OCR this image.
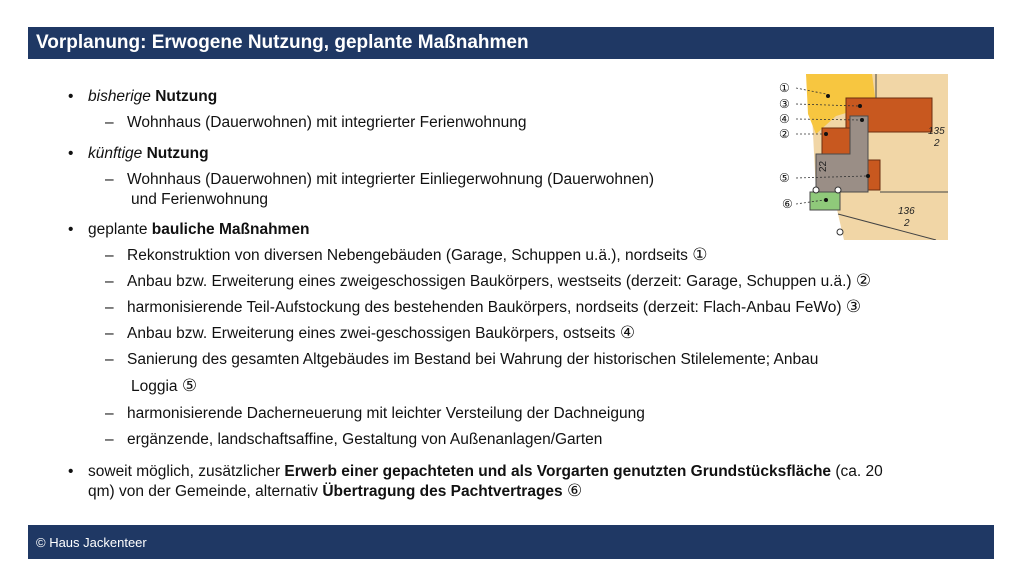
Vorplanung: Erwogene Nutzung, geplante Maßnahmen
• bisherige Nutzung
– Wohnhaus (Dauerwohnen) mit integrierter Ferienwohnung
• künftige Nutzung
– Wohnhaus (Dauerwohnen) mit integrierter Einliegerwohnung (Dauerwohnen)
und Ferienwohnung
• geplante bauliche Maßnahmen
– Rekonstruktion von diversen Nebengebäuden (Garage, Schuppen u.ä.), nordseits ①
– Anbau bzw. Erweiterung eines zweigeschossigen Baukörpers, westseits (derzeit: Garage, Schuppen u.ä.) ②
– harmonisierende Teil-Aufstockung des bestehenden Baukörpers, nordseits (derzeit: Flach-Anbau FeWo) ③
– Anbau bzw. Erweiterung eines zwei-geschossigen Baukörpers, ostseits ④
– Sanierung des gesamten Altgebäudes im Bestand bei Wahrung der historischen Stilelemente; Anbau
Loggia ⑤
– harmonisierende Dacherneuerung mit leichter Versteilung der Dachneigung
– ergänzende, landschaftsaffine, Gestaltung von Außenanlagen/Garten
• soweit möglich, zusätzlicher Erwerb einer gepachteten und als Vorgarten genutzten Grundstücksfläche (ca. 20
qm) von der Gemeinde, alternativ Übertragung des Pachtvertrages ⑥
①
③
④
②
⑤
⑥
135
2
136
2
22
© Haus Jackenteer
